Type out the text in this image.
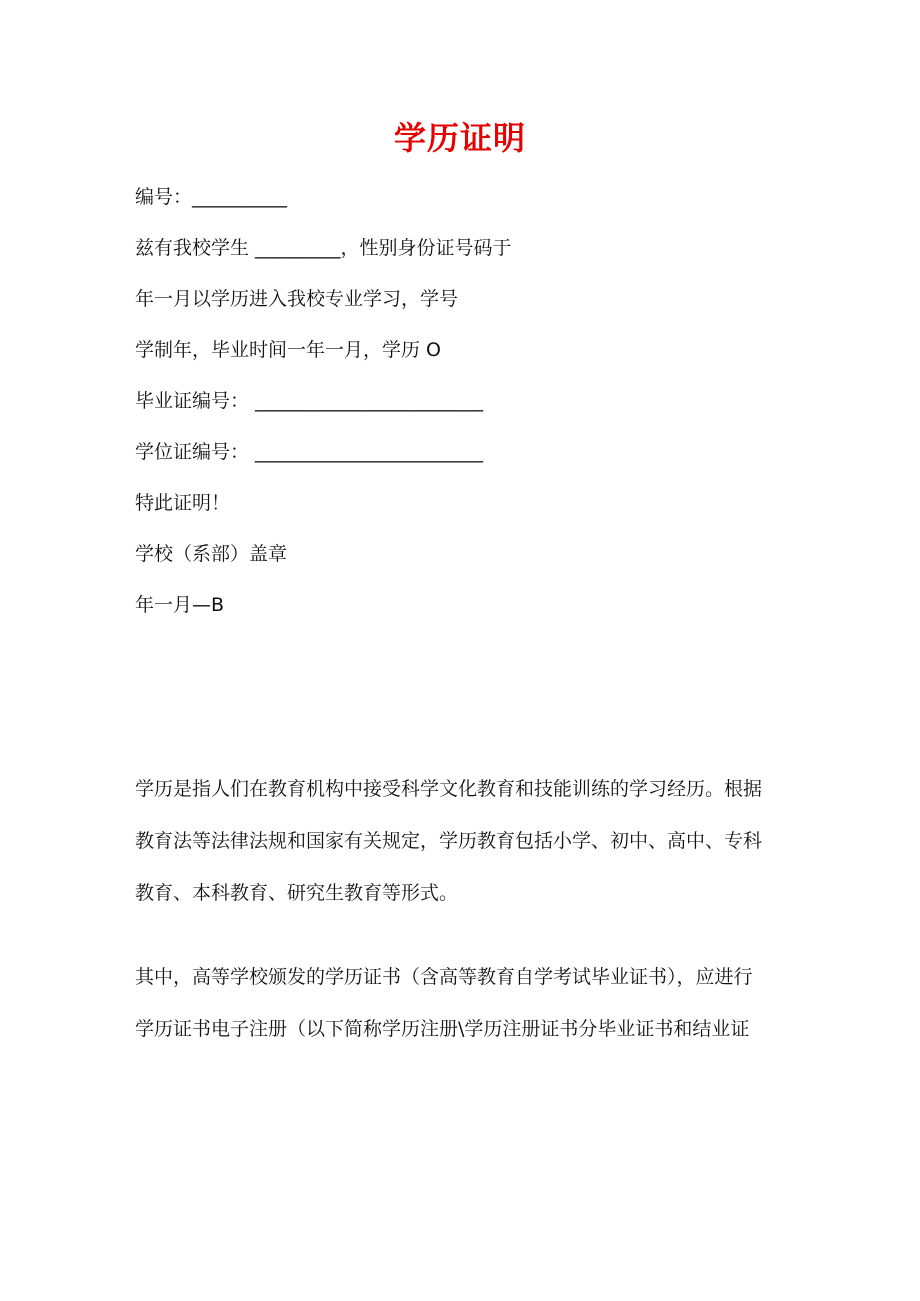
学历证明
编号：__________
兹有我校学生 _________，性别身份证号码于
年一月以学历进入我校专业学习，学号
学制年，毕业时间一年一月，学历 O
毕业证编号： ________________________
学位证编号： ________________________
特此证明！
学校（系部）盖章
年一月—B
学历是指人们在教育机构中接受科学文化教育和技能训练的学习经历。根据
教育法等法律法规和国家有关规定，学历教育包括小学、初中、高中、专科
教育、本科教育、研究生教育等形式。
其中，高等学校颁发的学历证书（含高等教育自学考试毕业证书），应进行
学历证书电子注册（以下简称学历注册\学历注册证书分毕业证书和结业证
